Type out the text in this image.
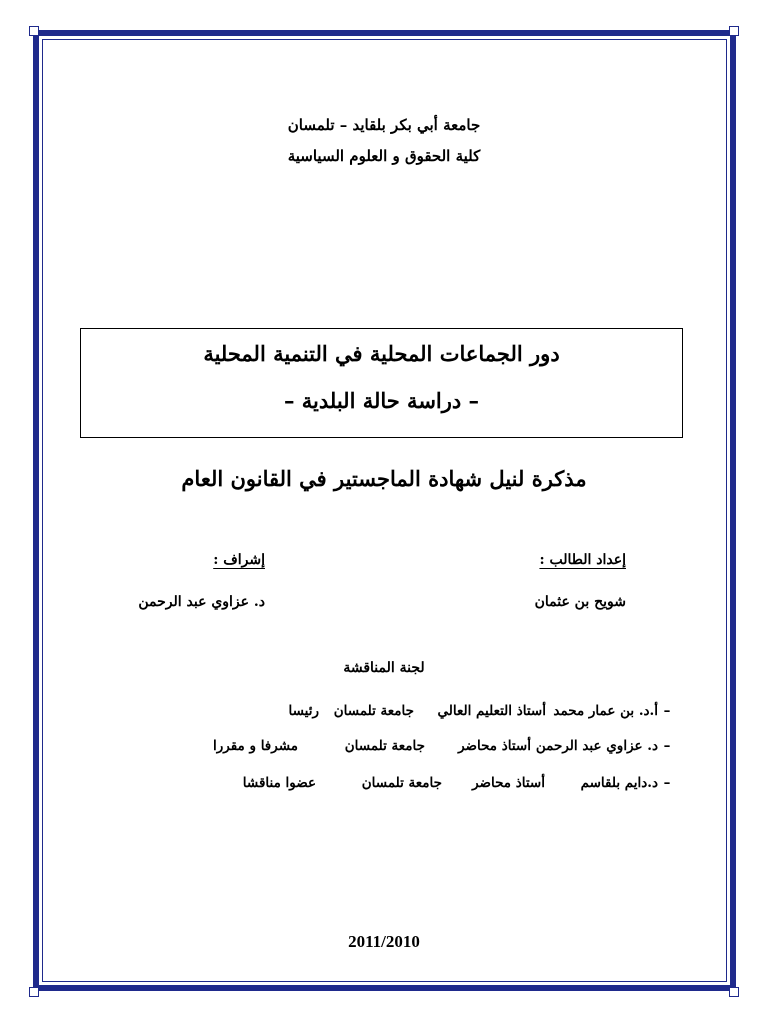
جامعة أبي بكر بلقايد – تلمسان
كلية الحقوق و العلوم السياسية
دور الجماعات المحلية في التنمية المحلية
– دراسة حالة البلدية –
مذكرة لنيل شهادة الماجستير في القانون العام
إعداد الطالب :
إشراف :
شويح بن عثمان
د. عزاوي عبد الرحمن
لجنة المناقشة
–
أ.د. بن عمار محمد
أستاذ التعليم العالي
جامعة تلمسان
رئيسا
–
د. عزاوي عبد الرحمن
أستاذ محاضر
جامعة تلمسان
مشرفا و مقررا
–
د.دايم بلقاسم
أستاذ محاضر
جامعة تلمسان
عضوا مناقشا
2011/2010
